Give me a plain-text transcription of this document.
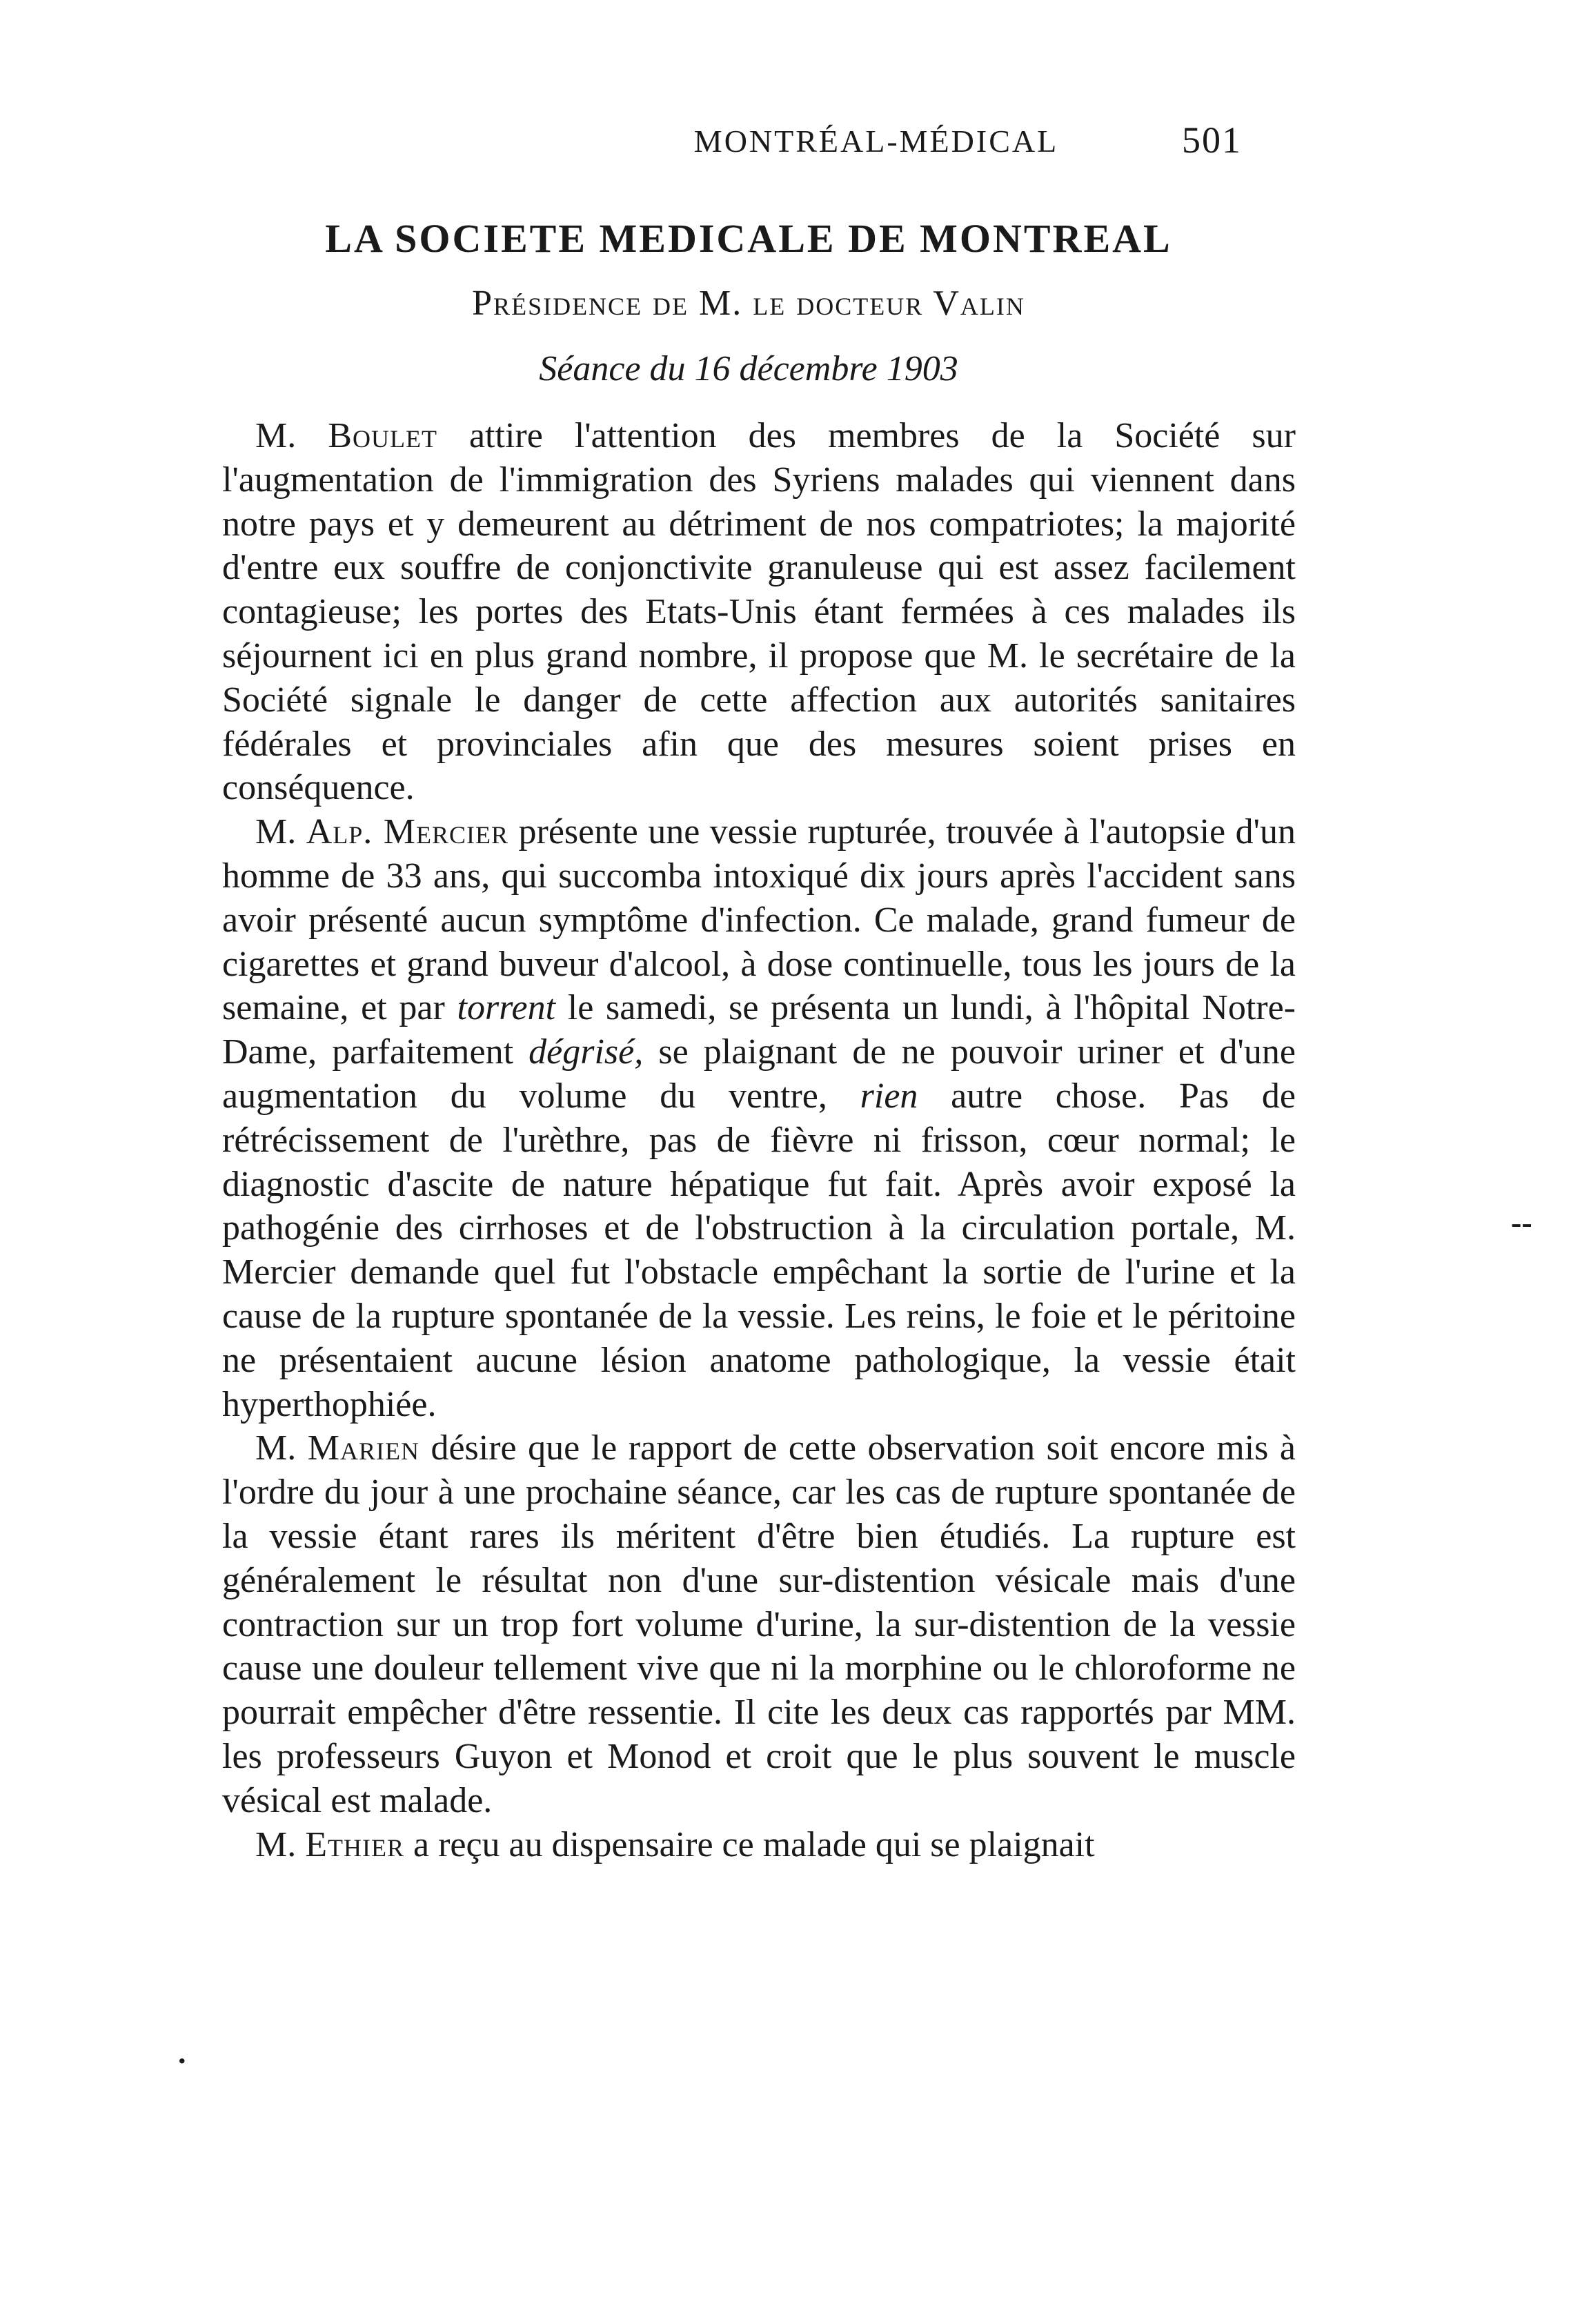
MONTRÉAL-MÉDICAL	501
LA SOCIETE MEDICALE DE MONTREAL
Présidence de M. le docteur Valin
Séance du 16 décembre 1903

M. Boulet attire l'attention des membres de la Société sur l'augmentation de l'immigration des Syriens malades qui viennent dans notre pays et y demeurent au détriment de nos compatriotes; la majorité d'entre eux souffre de conjonctivite granuleuse qui est assez facilement contagieuse; les portes des Etats-Unis étant fermées à ces malades ils séjournent ici en plus grand nombre, il propose que M. le secrétaire de la Société signale le danger de cette affection aux autorités sanitaires fédérales et provinciales afin que des mesures soient prises en conséquence.

M. Alp. Mercier présente une vessie rupturée, trouvée à l'autopsie d'un homme de 33 ans, qui succomba intoxiqué dix jours après l'accident sans avoir présenté aucun symptôme d'infection. Ce malade, grand fumeur de cigarettes et grand buveur d'alcool, à dose continuelle, tous les jours de la semaine, et par torrent le samedi, se présenta un lundi, à l'hôpital Notre-Dame, parfaitement dégrisé, se plaignant de ne pouvoir uriner et d'une augmentation du volume du ventre, rien autre chose. Pas de rétrécissement de l'urèthre, pas de fièvre ni frisson, cœur normal; le diagnostic d'ascite de nature hépatique fut fait. Après avoir exposé la pathogénie des cirrhoses et de l'obstruction à la circulation portale, M. Mercier demande quel fut l'obstacle empêchant la sortie de l'urine et la cause de la rupture spontanée de la vessie. Les reins, le foie et le péritoine ne présentaient aucune lésion anatome pathologique, la vessie était hyperthophiée.

M. Marien désire que le rapport de cette observation soit encore mis à l'ordre du jour à une prochaine séance, car les cas de rupture spontanée de la vessie étant rares ils méritent d'être bien étudiés. La rupture est généralement le résultat non d'une sur-distention vésicale mais d'une contraction sur un trop fort volume d'urine, la sur-distention de la vessie cause une douleur tellement vive que ni la morphine ou le chloroforme ne pourrait empêcher d'être ressentie. Il cite les deux cas rapportés par MM. les professeurs Guyon et Monod et croit que le plus souvent le muscle vésical est malade.

M. Ethier a reçu au dispensaire ce malade qui se plaignait

--
.
